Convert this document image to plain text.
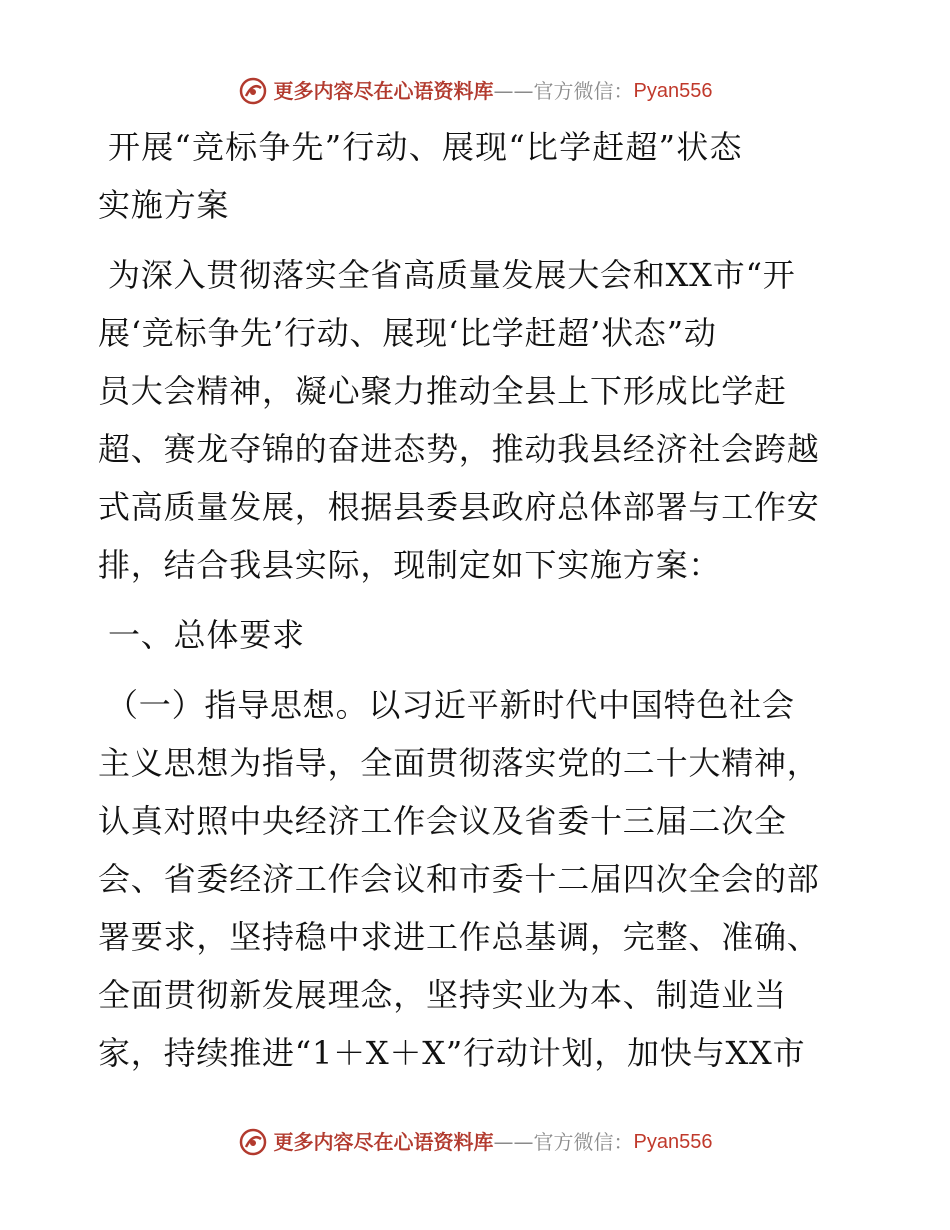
更多内容尽在心语资料库 —— 官方微信： Pyan556
开展“竞标争先”行动、展现“比学赶超”状态
实施方案
为深入贯彻落实全省高质量发展大会和XX市“开
展‘竞标争先’行动、展现‘比学赶超’状态”动
员大会精神，凝心聚力推动全县上下形成比学赶
超、赛龙夺锦的奋进态势，推动我县经济社会跨越
式高质量发展，根据县委县政府总体部署与工作安
排，结合我县实际，现制定如下实施方案：
一、总体要求
（一）指导思想。以习近平新时代中国特色社会
主义思想为指导，全面贯彻落实党的二十大精神，
认真对照中央经济工作会议及省委十三届二次全
会、省委经济工作会议和市委十二届四次全会的部
署要求，坚持稳中求进工作总基调，完整、准确、
全面贯彻新发展理念，坚持实业为本、制造业当
家，持续推进“1＋X＋X”行动计划，加快与XX市
更多内容尽在心语资料库 —— 官方微信： Pyan556
